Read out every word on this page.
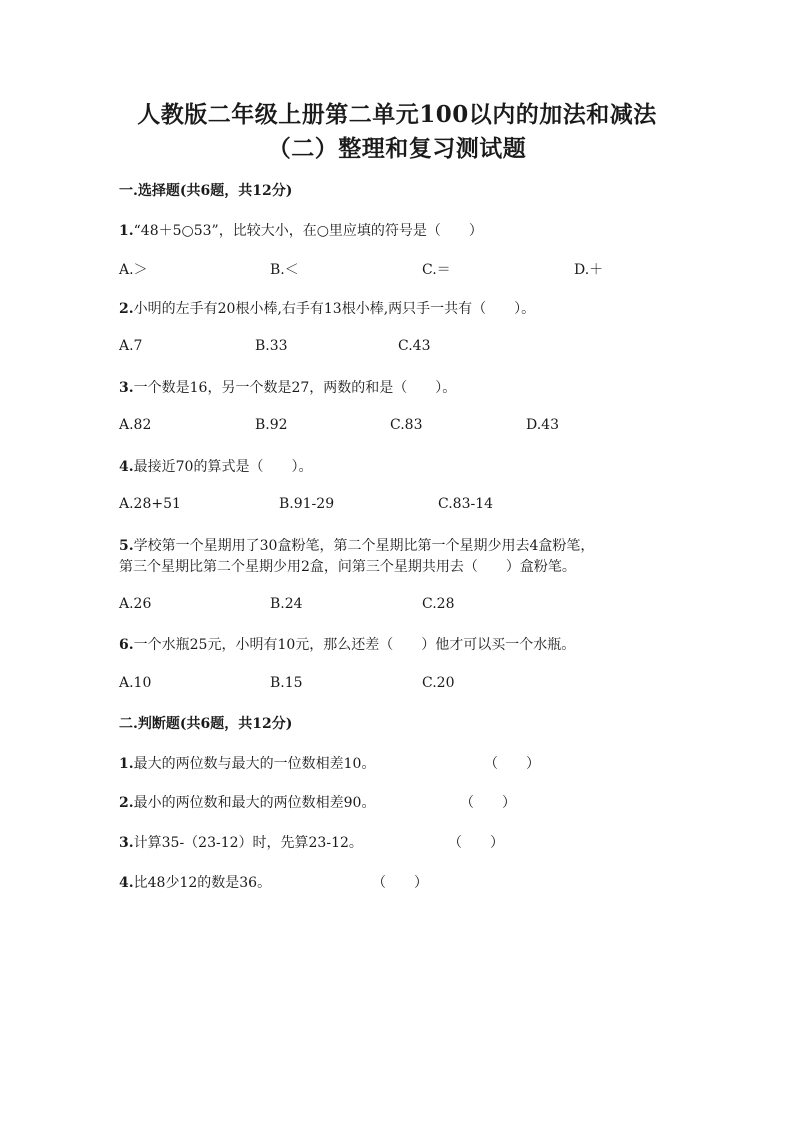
人教版二年级上册第二单元100以内的加法和减法
（二）整理和复习测试题
一.选择题(共6题，共12分)
1.“48＋5○53”，比较大小，在○里应填的符号是（　　）
A.＞	B.＜	C.＝	D.＋
2.小明的左手有20根小棒,右手有13根小棒,两只手一共有（　　）。
A.7	B.33	C.43
3.一个数是16，另一个数是27，两数的和是（　　）。
A.82	B.92	C.83	D.43
4.最接近70的算式是（　　）。
A.28+51	B.91-29	C.83-14
5.学校第一个星期用了30盒粉笔，第二个星期比第一个星期少用去4盒粉笔，
第三个星期比第二个星期少用2盒，问第三个星期共用去（　　）盒粉笔。
A.26	B.24	C.28
6.一个水瓶25元，小明有10元，那么还差（　　）他才可以买一个水瓶。
A.10	B.15	C.20
二.判断题(共6题，共12分)
1.最大的两位数与最大的一位数相差10。	（　　）
2.最小的两位数和最大的两位数相差90。	（　　）
3.计算35-（23-12）时，先算23-12。	（　　）
4.比48少12的数是36。	（　　）
